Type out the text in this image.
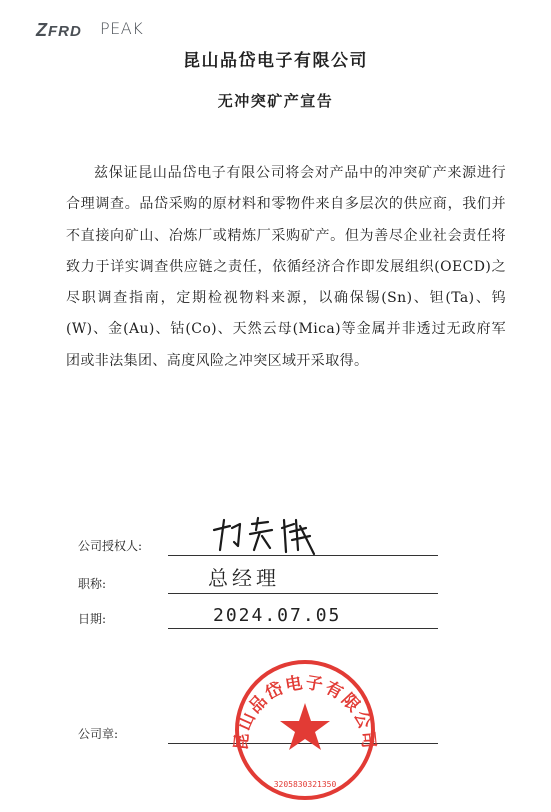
ZFRD PEAK
昆山品岱电子有限公司
无冲突矿产宣告

兹保证昆山品岱电子有限公司将会对产品中的冲突矿产来源进行合理调查。品岱采购的原材料和零物件来自多层次的供应商，我们并不直接向矿山、冶炼厂或精炼厂采购矿产。但为善尽企业社会责任将致力于详实调查供应链之责任，依循经济合作即发展组织(OECD)之尽职调查指南，定期检视物料来源，以确保锡(Sn)、钽(Ta)、钨(W)、金(Au)、钴(Co)、天然云母(Mica)等金属并非透过无政府军团或非法集团、高度风险之冲突区域开采取得。

公司授权人:
职称:	总经理
日期:	2024.07.05
公司章:	昆山品岱电子有限公司
3205830321350
